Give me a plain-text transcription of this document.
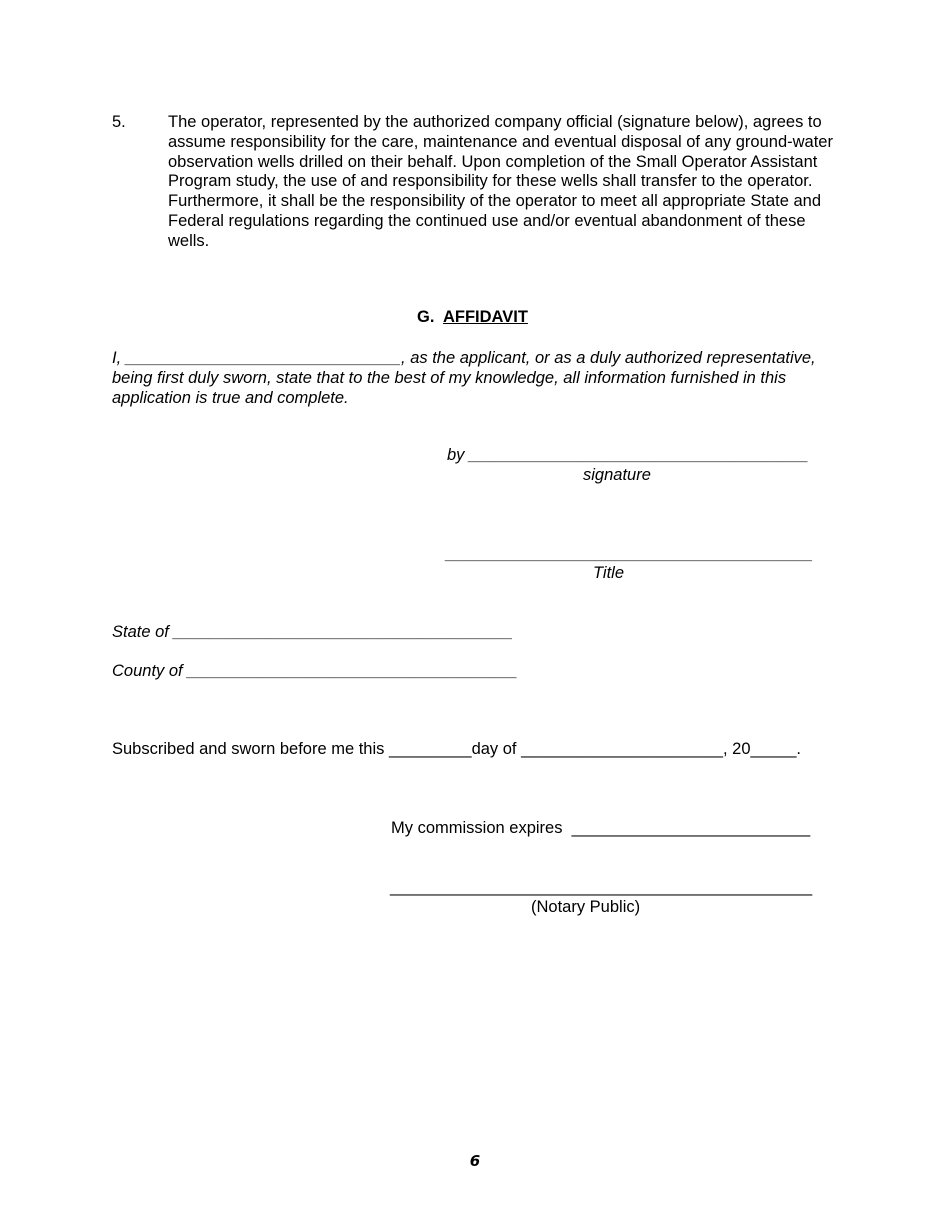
5.	The operator, represented by the authorized company official (signature below), agrees to assume responsibility for the care, maintenance and eventual disposal of any ground-water observation wells drilled on their behalf. Upon completion of the Small Operator Assistant Program study, the use of and responsibility for these wells shall transfer to the operator. Furthermore, it shall be the responsibility of the operator to meet all appropriate State and Federal regulations regarding the continued use and/or eventual abandonment of these wells.
G. AFFIDAVIT
I, ______________________________, as the applicant, or as a duly authorized representative, being first duly sworn, state that to the best of my knowledge, all information furnished in this application is true and complete.
by _____________________________________
signature
________________________________________
Title
State of _____________________________________
County of ____________________________________
Subscribed and sworn before me this _________day of ______________________, 20_____.
My commission expires  __________________________
______________________________________________
(Notary Public)
6
